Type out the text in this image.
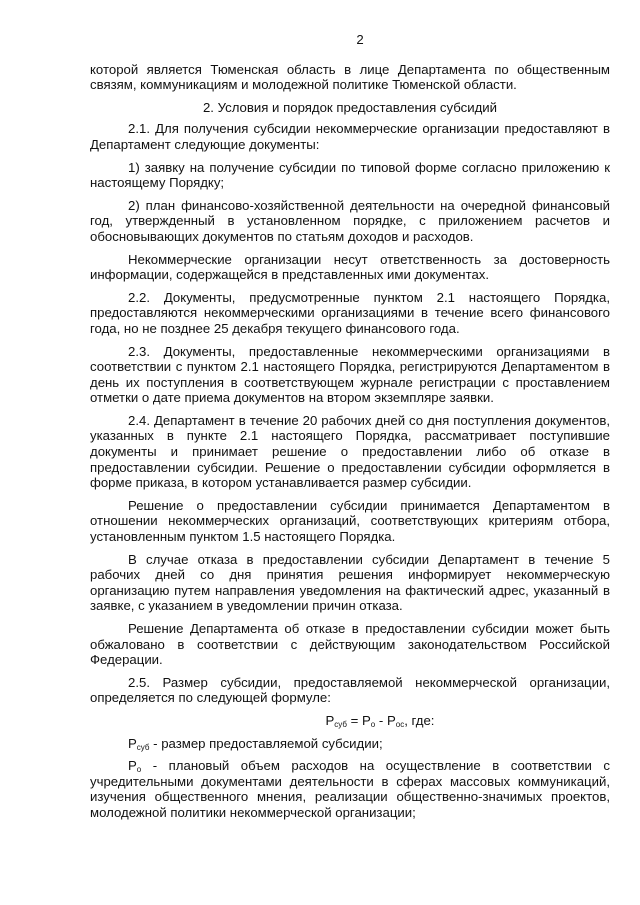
2

которой является Тюменская область в лице Департамента по общественным связям, коммуникациям и молодежной политике Тюменской области.

2. Условия и порядок предоставления субсидий

2.1. Для получения субсидии некоммерческие организации предоставляют в Департамент следующие документы:

1) заявку на получение субсидии по типовой форме согласно приложению к настоящему Порядку;

2) план финансово-хозяйственной деятельности на очередной финансовый год, утвержденный в установленном порядке, с приложением расчетов и обосновывающих документов по статьям доходов и расходов.

Некоммерческие организации несут ответственность за достоверность информации, содержащейся в представленных ими документах.

2.2. Документы, предусмотренные пунктом 2.1 настоящего Порядка, предоставляются некоммерческими организациями в течение всего финансового года, но не позднее 25 декабря текущего финансового года.

2.3. Документы, предоставленные некоммерческими организациями в соответствии с пунктом 2.1 настоящего Порядка, регистрируются Департаментом в день их поступления в соответствующем журнале регистрации с проставлением отметки о дате приема документов на втором экземпляре заявки.

2.4. Департамент в течение 20 рабочих дней со дня поступления документов, указанных в пункте 2.1 настоящего Порядка, рассматривает поступившие документы и принимает решение о предоставлении либо об отказе в предоставлении субсидии. Решение о предоставлении субсидии оформляется в форме приказа, в котором устанавливается размер субсидии.

Решение о предоставлении субсидии принимается Департаментом в отношении некоммерческих организаций, соответствующих критериям отбора, установленным пунктом 1.5 настоящего Порядка.

В случае отказа в предоставлении субсидии Департамент в течение 5 рабочих дней со дня принятия решения информирует некоммерческую организацию путем направления уведомления на фактический адрес, указанный в заявке, с указанием в уведомлении причин отказа.

Решение Департамента об отказе в предоставлении субсидии может быть обжаловано в соответствии с действующим законодательством Российской Федерации.

2.5. Размер субсидии, предоставляемой некоммерческой организации, определяется по следующей формуле:

$P_{суб} = P_о - P_{ос}$, где:

$P_{суб}$ - размер предоставляемой субсидии;

$P_о$ - плановый объем расходов на осуществление в соответствии с учредительными документами деятельности в сферах массовых коммуникаций, изучения общественного мнения, реализации общественно-значимых проектов, молодежной политики некоммерческой организации;
